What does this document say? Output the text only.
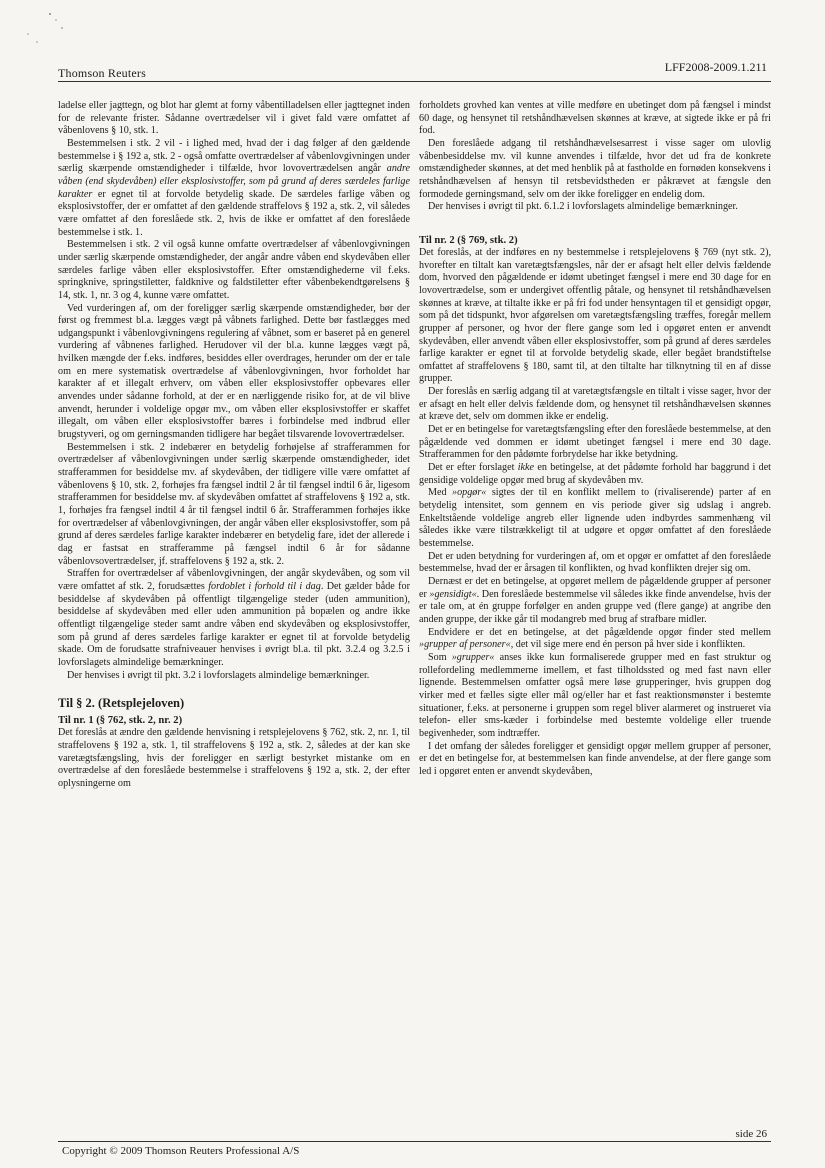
Thomson Reuters	LFF2008-2009.1.211

ladelse eller jagttegn, og blot har glemt at forny våbentilladelsen eller jagttegnet inden for de relevante frister. Sådanne overtrædelser vil i givet fald være omfattet af våbenlovens § 10, stk. 1.

Bestemmelsen i stk. 2 vil - i lighed med, hvad der i dag følger af den gældende bestemmelse i § 192 a, stk. 2 - også omfatte overtrædelser af våbenlovgivningen under særlig skærpende omstændigheder i tilfælde, hvor lovovertrædelsen angår andre våben (end skydevåben) eller eksplosivstoffer, som på grund af deres særdeles farlige karakter er egnet til at forvolde betydelig skade. De særdeles farlige våben og eksplosivstoffer, der er omfattet af den gældende straffelovs § 192 a, stk. 2, vil således være omfattet af den foreslåede stk. 2, hvis de ikke er omfattet af den foreslåede bestemmelse i stk. 1.

Bestemmelsen i stk. 2 vil også kunne omfatte overtrædelser af våbenlovgivningen under særlig skærpende omstændigheder, der angår andre våben end skydevåben eller særdeles farlige våben eller eksplosivstoffer. Efter omstændighederne vil f.eks. springknive, springstiletter, faldknive og faldstiletter efter våbenbekendtgørelsens § 14, stk. 1, nr. 3 og 4, kunne være omfattet.

Ved vurderingen af, om der foreligger særlig skærpende omstændigheder, bør der først og fremmest bl.a. lægges vægt på våbnets farlighed. Dette bør fastlægges med udgangspunkt i våbenlovgivningens regulering af våbnet, som er baseret på en generel vurdering af våbnenes farlighed. Herudover vil der bl.a. kunne lægges vægt på, hvilken mængde der f.eks. indføres, besiddes eller overdrages, herunder om der er tale om en mere systematisk overtrædelse af våbenlovgivningen, hvor forholdet har karakter af et illegalt erhverv, om våben eller eksplosivstoffer opbevares eller anvendes under sådanne forhold, at der er en nærliggende risiko for, at de vil blive anvendt, herunder i voldelige opgør mv., om våben eller eksplosivstoffer er skaffet illegalt, om våben eller eksplosivstoffer bæres i forbindelse med indbrud eller brugstyveri, og om gerningsmanden tidligere har begået tilsvarende lovovertrædelser.

Bestemmelsen i stk. 2 indebærer en betydelig forhøjelse af strafferammen for overtrædelser af våbenlovgivningen under særlig skærpende omstændigheder, idet strafferammen for besiddelse mv. af skydevåben, der tidligere ville være omfattet af våbenlovens § 10, stk. 2, forhøjes fra fængsel indtil 2 år til fængsel indtil 6 år, ligesom strafferammen for besiddelse mv. af skydevåben omfattet af straffelovens § 192 a, stk. 1, forhøjes fra fængsel indtil 4 år til fængsel indtil 6 år. Strafferammen forhøjes ikke for overtrædelser af våbenlovgivningen, der angår våben eller eksplosivstoffer, som på grund af deres særdeles farlige karakter indebærer en betydelig fare, idet der allerede i dag er fastsat en strafferamme på fængsel indtil 6 år for sådanne våbenlovsovertrædelser, jf. straffelovens § 192 a, stk. 2.

Straffen for overtrædelser af våbenlovgivningen, der angår skydevåben, og som vil være omfattet af stk. 2, forudsættes fordoblet i forhold til i dag. Det gælder både for besiddelse af skydevåben på offentligt tilgængelige steder (uden ammunition), besiddelse af skydevåben med eller uden ammunition på bopælen og andre ikke offentligt tilgængelige steder samt andre våben end skydevåben og eksplosivstoffer, som på grund af deres særdeles farlige karakter er egnet til at forvolde betydelig skade. Om de forudsatte strafniveauer henvises i øvrigt bl.a. til pkt. 3.2.4 og 3.2.5 i lovforslagets almindelige bemærkninger.

Der henvises i øvrigt til pkt. 3.2 i lovforslagets almindelige bemærkninger.

Til § 2. (Retsplejeloven)
Til nr. 1 (§ 762, stk. 2, nr. 2)

Det foreslås at ændre den gældende henvisning i retsplejelovens § 762, stk. 2, nr. 1, til straffelovens § 192 a, stk. 1, til straffelovens § 192 a, stk. 2, således at der kan ske varetægtsfængsling, hvis der foreligger en særligt bestyrket mistanke om en overtrædelse af den foreslåede bestemmelse i straffelovens § 192 a, stk. 2, der efter oplysningerne om

forholdets grovhed kan ventes at ville medføre en ubetinget dom på fængsel i mindst 60 dage, og hensynet til retshåndhævelsen skønnes at kræve, at sigtede ikke er på fri fod.

Den foreslåede adgang til retshåndhævelsesarrest i visse sager om ulovlig våbenbesiddelse mv. vil kunne anvendes i tilfælde, hvor det ud fra de konkrete omstændigheder skønnes, at det med henblik på at fastholde en fornøden konsekvens i retshåndhævelsen af hensyn til retsbevidstheden er påkrævet at fængsle den formodede gerningsmand, selv om der ikke foreligger en endelig dom.

Der henvises i øvrigt til pkt. 6.1.2 i lovforslagets almindelige bemærkninger.

Til nr. 2 (§ 769, stk. 2)

Det foreslås, at der indføres en ny bestemmelse i retsplejelovens § 769 (nyt stk. 2), hvorefter en tiltalt kan varetægtsfængsles, når der er afsagt helt eller delvis fældende dom, hvorved den pågældende er idømt ubetinget fængsel i mere end 30 dage for en lovovertrædelse, som er undergivet offentlig påtale, og hensynet til retshåndhævelsen skønnes at kræve, at tiltalte ikke er på fri fod under hensyntagen til et gensidigt opgør, som på det tidspunkt, hvor afgørelsen om varetægtsfængsling træffes, foregår mellem grupper af personer, og hvor der flere gange som led i opgøret enten er anvendt skydevåben, eller anvendt våben eller eksplosivstoffer, som på grund af deres særdeles farlige karakter er egnet til at forvolde betydelig skade, eller begået brandstiftelse omfattet af straffelovens § 180, samt til, at den tiltalte har tilknytning til en af disse grupper.

Der foreslås en særlig adgang til at varetægtsfængsle en tiltalt i visse sager, hvor der er afsagt en helt eller delvis fældende dom, og hensynet til retshåndhævelsen skønnes at kræve det, selv om dommen ikke er endelig.

Det er en betingelse for varetægtsfængsling efter den foreslåede bestemmelse, at den pågældende ved dommen er idømt ubetinget fængsel i mere end 30 dage. Strafferammen for den pådømte forbrydelse har ikke betydning.

Det er efter forslaget ikke en betingelse, at det pådømte forhold har baggrund i det gensidige voldelige opgør med brug af skydevåben mv.

Med »opgør« sigtes der til en konflikt mellem to (rivaliserende) parter af en betydelig intensitet, som gennem en vis periode giver sig udslag i angreb. Enkeltstående voldelige angreb eller lignende uden indbyrdes sammenhæng vil således ikke være tilstrækkeligt til at udgøre et opgør omfattet af den foreslåede bestemmelse.

Det er uden betydning for vurderingen af, om et opgør er omfattet af den foreslåede bestemmelse, hvad der er årsagen til konflikten, og hvad konflikten drejer sig om.

Dernæst er det en betingelse, at opgøret mellem de pågældende grupper af personer er »gensidigt«. Den foreslåede bestemmelse vil således ikke finde anvendelse, hvis der er tale om, at én gruppe forfølger en anden gruppe ved (flere gange) at angribe den anden gruppe, der ikke går til modangreb med brug af strafbare midler.

Endvidere er det en betingelse, at det pågældende opgør finder sted mellem »grupper af personer«, det vil sige mere end én person på hver side i konflikten.

Som »grupper« anses ikke kun formaliserede grupper med en fast struktur og rollefordeling medlemmerne imellem, et fast tilholdssted og med fast navn eller lignende. Bestemmelsen omfatter også mere løse grupperinger, hvis gruppen dog virker med et fælles sigte eller mål og/eller har et fast reaktionsmønster i bestemte situationer, f.eks. at personerne i gruppen som regel bliver alarmeret og instrueret via telefon- eller sms-kæder i forbindelse med bestemte voldelige eller truende begivenheder, som indtræffer.

I det omfang der således foreligger et gensidigt opgør mellem grupper af personer, er det en betingelse for, at bestemmelsen kan finde anvendelse, at der flere gange som led i opgøret enten er anvendt skydevåben,

side 26
Copyright © 2009 Thomson Reuters Professional A/S
